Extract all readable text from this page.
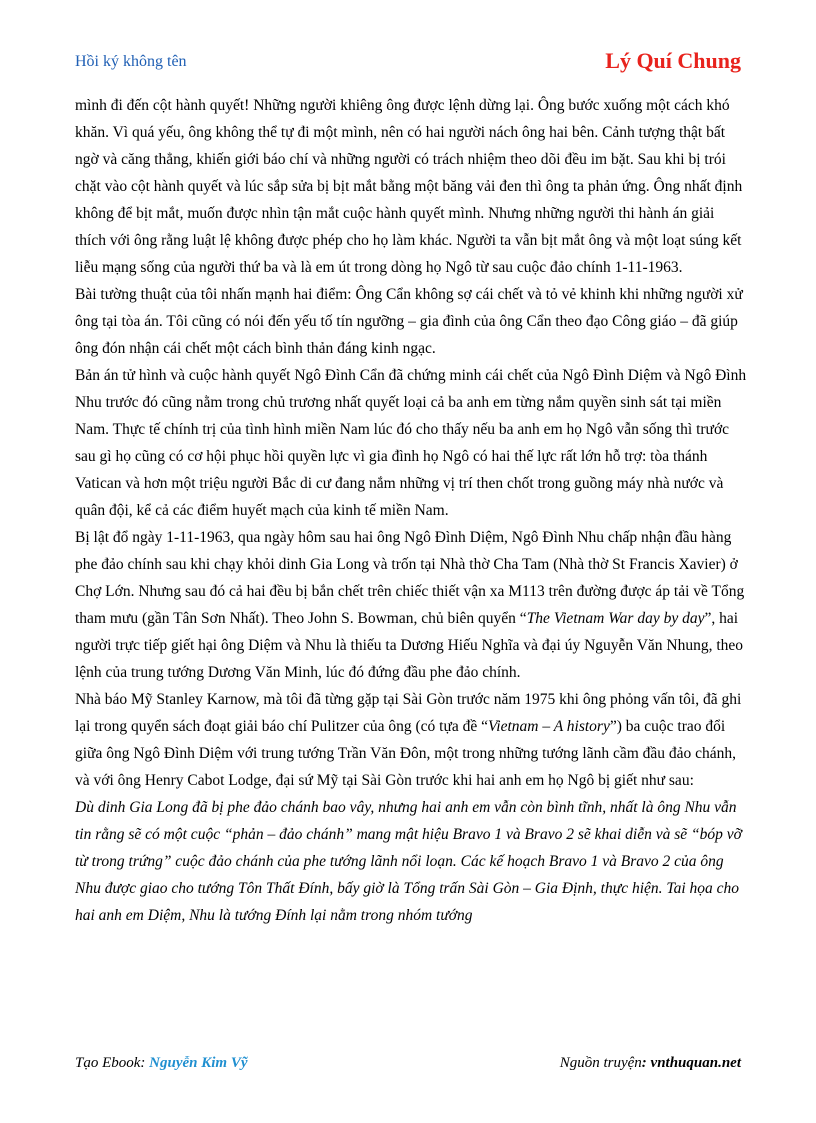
Hồi ký không tên	Lý Quí Chung

mình đi đến cột hành quyết! Những người khiêng ông được lệnh dừng lại. Ông bước xuống một cách khó khăn. Vì quá yếu, ông không thể tự đi một mình, nên có hai người nách ông hai bên. Cảnh tượng thật bất ngờ và căng thẳng, khiến giới báo chí và những người có trách nhiệm theo dõi đều im bặt. Sau khi bị trói chặt vào cột hành quyết và lúc sắp sửa bị bịt mắt bằng một băng vải đen thì ông ta phản ứng. Ông nhất định không để bịt mắt, muốn được nhìn tận mắt cuộc hành quyết mình. Nhưng những người thi hành án giải thích với ông rằng luật lệ không được phép cho họ làm khác. Người ta vẫn bịt mắt ông và một loạt súng kết liễu mạng sống của người thứ ba và là em út trong dòng họ Ngô từ sau cuộc đảo chính 1-11-1963.

Bài tường thuật của tôi nhấn mạnh hai điểm: Ông Cẩn không sợ cái chết và tỏ vẻ khinh khi những người xử ông tại tòa án. Tôi cũng có nói đến yếu tố tín ngưỡng – gia đình của ông Cẩn theo đạo Công giáo – đã giúp ông đón nhận cái chết một cách bình thản đáng kinh ngạc.

Bản án tử hình và cuộc hành quyết Ngô Đình Cẩn đã chứng minh cái chết của Ngô Đình Diệm và Ngô Đình Nhu trước đó cũng nằm trong chủ trương nhất quyết loại cả ba anh em từng nắm quyền sinh sát tại miền Nam. Thực tế chính trị của tình hình miền Nam lúc đó cho thấy nếu ba anh em họ Ngô vẫn sống thì trước sau gì họ cũng có cơ hội phục hồi quyền lực vì gia đình họ Ngô có hai thế lực rất lớn hỗ trợ: tòa thánh Vatican và hơn một triệu người Bắc di cư đang nắm những vị trí then chốt trong guồng máy nhà nước và quân đội, kể cả các điểm huyết mạch của kinh tế miền Nam.

Bị lật đổ ngày 1-11-1963, qua ngày hôm sau hai ông Ngô Đình Diệm, Ngô Đình Nhu chấp nhận đầu hàng phe đảo chính sau khi chạy khỏi dinh Gia Long và trốn tại Nhà thờ Cha Tam (Nhà thờ St Francis Xavier) ở Chợ Lớn. Nhưng sau đó cả hai đều bị bắn chết trên chiếc thiết vận xa M113 trên đường được áp tải về Tổng tham mưu (gần Tân Sơn Nhất). Theo John S. Bowman, chủ biên quyển “The Vietnam War day by day”, hai người trực tiếp giết hại ông Diệm và Nhu là thiếu ta Dương Hiếu Nghĩa và đại úy Nguyễn Văn Nhung, theo lệnh của trung tướng Dương Văn Minh, lúc đó đứng đầu phe đảo chính.

Nhà báo Mỹ Stanley Karnow, mà tôi đã từng gặp tại Sài Gòn trước năm 1975 khi ông phỏng vấn tôi, đã ghi lại trong quyển sách đoạt giải báo chí Pulitzer của ông (có tựa đề “Vietnam – A history”) ba cuộc trao đổi giữa ông Ngô Đình Diệm với trung tướng Trần Văn Đôn, một trong những tướng lãnh cầm đầu đảo chánh, và với ông Henry Cabot Lodge, đại sứ Mỹ tại Sài Gòn trước khi hai anh em họ Ngô bị giết như sau:

Dù dinh Gia Long đã bị phe đảo chánh bao vây, nhưng hai anh em vẫn còn bình tĩnh, nhất là ông Nhu vẫn tin rằng sẽ có một cuộc “phản – đảo chánh” mang mật hiệu Bravo 1 và Bravo 2 sẽ khai diễn và sẽ “bóp vỡ từ trong trứng” cuộc đảo chánh của phe tướng lãnh nổi loạn. Các kế hoạch Bravo 1 và Bravo 2 của ông Nhu được giao cho tướng Tôn Thất Đính, bấy giờ là Tổng trấn Sài Gòn – Gia Định, thực hiện. Tai họa cho hai anh em Diệm, Nhu là tướng Đính lại nằm trong nhóm tướng

Tạo Ebook: Nguyễn Kim Vỹ	Nguồn truyện: vnthuquan.net
